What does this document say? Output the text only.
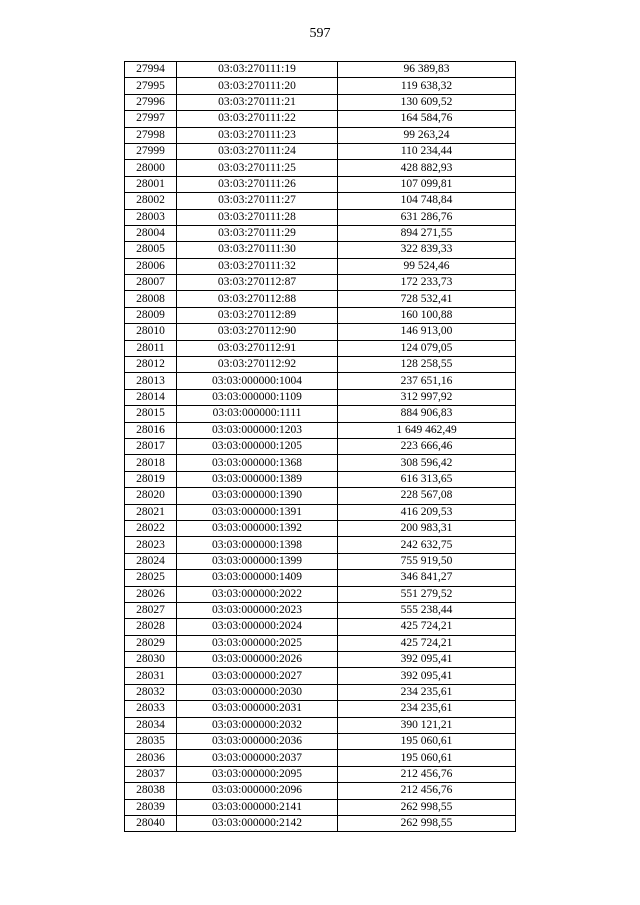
597
27994	03:03:270111:19	96 389,83
27995	03:03:270111:20	119 638,32
27996	03:03:270111:21	130 609,52
27997	03:03:270111:22	164 584,76
27998	03:03:270111:23	99 263,24
27999	03:03:270111:24	110 234,44
28000	03:03:270111:25	428 882,93
28001	03:03:270111:26	107 099,81
28002	03:03:270111:27	104 748,84
28003	03:03:270111:28	631 286,76
28004	03:03:270111:29	894 271,55
28005	03:03:270111:30	322 839,33
28006	03:03:270111:32	99 524,46
28007	03:03:270112:87	172 233,73
28008	03:03:270112:88	728 532,41
28009	03:03:270112:89	160 100,88
28010	03:03:270112:90	146 913,00
28011	03:03:270112:91	124 079,05
28012	03:03:270112:92	128 258,55
28013	03:03:000000:1004	237 651,16
28014	03:03:000000:1109	312 997,92
28015	03:03:000000:1111	884 906,83
28016	03:03:000000:1203	1 649 462,49
28017	03:03:000000:1205	223 666,46
28018	03:03:000000:1368	308 596,42
28019	03:03:000000:1389	616 313,65
28020	03:03:000000:1390	228 567,08
28021	03:03:000000:1391	416 209,53
28022	03:03:000000:1392	200 983,31
28023	03:03:000000:1398	242 632,75
28024	03:03:000000:1399	755 919,50
28025	03:03:000000:1409	346 841,27
28026	03:03:000000:2022	551 279,52
28027	03:03:000000:2023	555 238,44
28028	03:03:000000:2024	425 724,21
28029	03:03:000000:2025	425 724,21
28030	03:03:000000:2026	392 095,41
28031	03:03:000000:2027	392 095,41
28032	03:03:000000:2030	234 235,61
28033	03:03:000000:2031	234 235,61
28034	03:03:000000:2032	390 121,21
28035	03:03:000000:2036	195 060,61
28036	03:03:000000:2037	195 060,61
28037	03:03:000000:2095	212 456,76
28038	03:03:000000:2096	212 456,76
28039	03:03:000000:2141	262 998,55
28040	03:03:000000:2142	262 998,55
